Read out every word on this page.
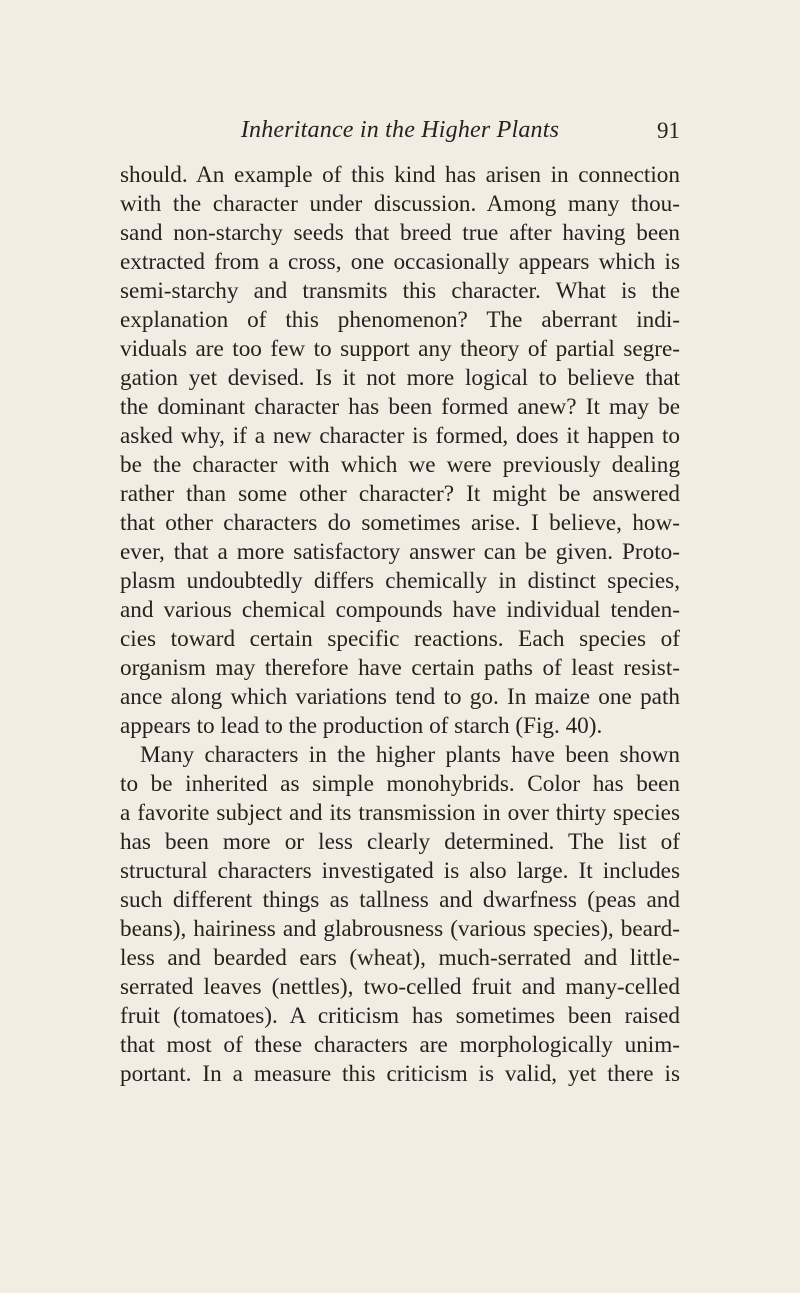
Inheritance in the Higher Plants	91
should. An example of this kind has arisen in connection
with the character under discussion. Among many thou-
sand non-starchy seeds that breed true after having been
extracted from a cross, one occasionally appears which is
semi-starchy and transmits this character. What is the
explanation of this phenomenon? The aberrant indi-
viduals are too few to support any theory of partial segre-
gation yet devised. Is it not more logical to believe that
the dominant character has been formed anew? It may be
asked why, if a new character is formed, does it happen to
be the character with which we were previously dealing
rather than some other character? It might be answered
that other characters do sometimes arise. I believe, how-
ever, that a more satisfactory answer can be given. Proto-
plasm undoubtedly differs chemically in distinct species,
and various chemical compounds have individual tenden-
cies toward certain specific reactions. Each species of
organism may therefore have certain paths of least resist-
ance along which variations tend to go. In maize one path
appears to lead to the production of starch (Fig. 40).
Many characters in the higher plants have been shown
to be inherited as simple monohybrids. Color has been
a favorite subject and its transmission in over thirty species
has been more or less clearly determined. The list of
structural characters investigated is also large. It includes
such different things as tallness and dwarfness (peas and
beans), hairiness and glabrousness (various species), beard-
less and bearded ears (wheat), much-serrated and little-
serrated leaves (nettles), two-celled fruit and many-celled
fruit (tomatoes). A criticism has sometimes been raised
that most of these characters are morphologically unim-
portant. In a measure this criticism is valid, yet there is
